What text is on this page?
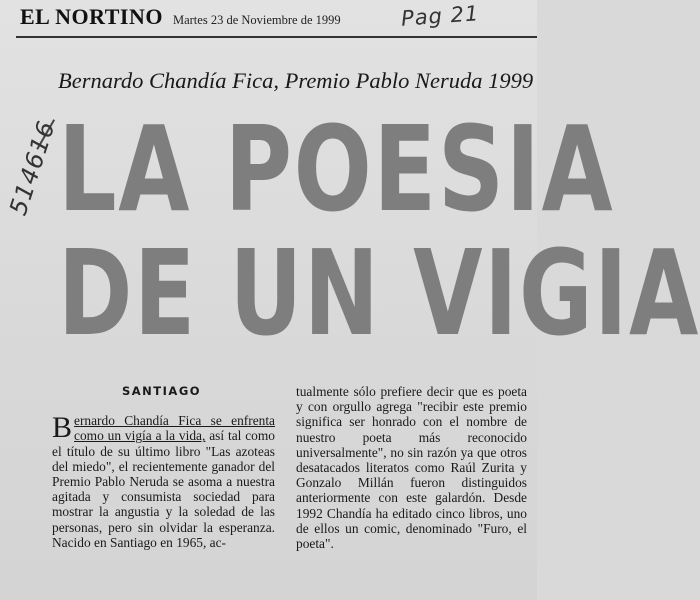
EL NORTINO Martes 23 de Noviembre de 1999	Pag 21
514616
Bernardo Chandía Fica, Premio Pablo Neruda 1999
LA POESIA
DE UN VIGIA
SANTIAGO

Bernardo Chandía Fica se enfrenta como un vigía a la vida, así tal como el título de su último libro "Las azoteas del miedo", el recientemente ganador del Premio Pablo Neruda se asoma a nuestra agitada y consumista sociedad para mostrar la angustia y la soledad de las personas, pero sin olvidar la esperanza. Nacido en Santiago en 1965, ac-

tualmente sólo prefiere decir que es poeta y con orgullo agrega "recibir este premio significa ser honrado con el nombre de nuestro poeta más reconocido universalmente", no sin razón ya que otros desatacados literatos como Raúl Zurita y Gonzalo Millán fueron distinguidos anteriormente con este galardón. Desde 1992 Chandía ha editado cinco libros, uno de ellos un comic, denominado "Furo, el poeta".
